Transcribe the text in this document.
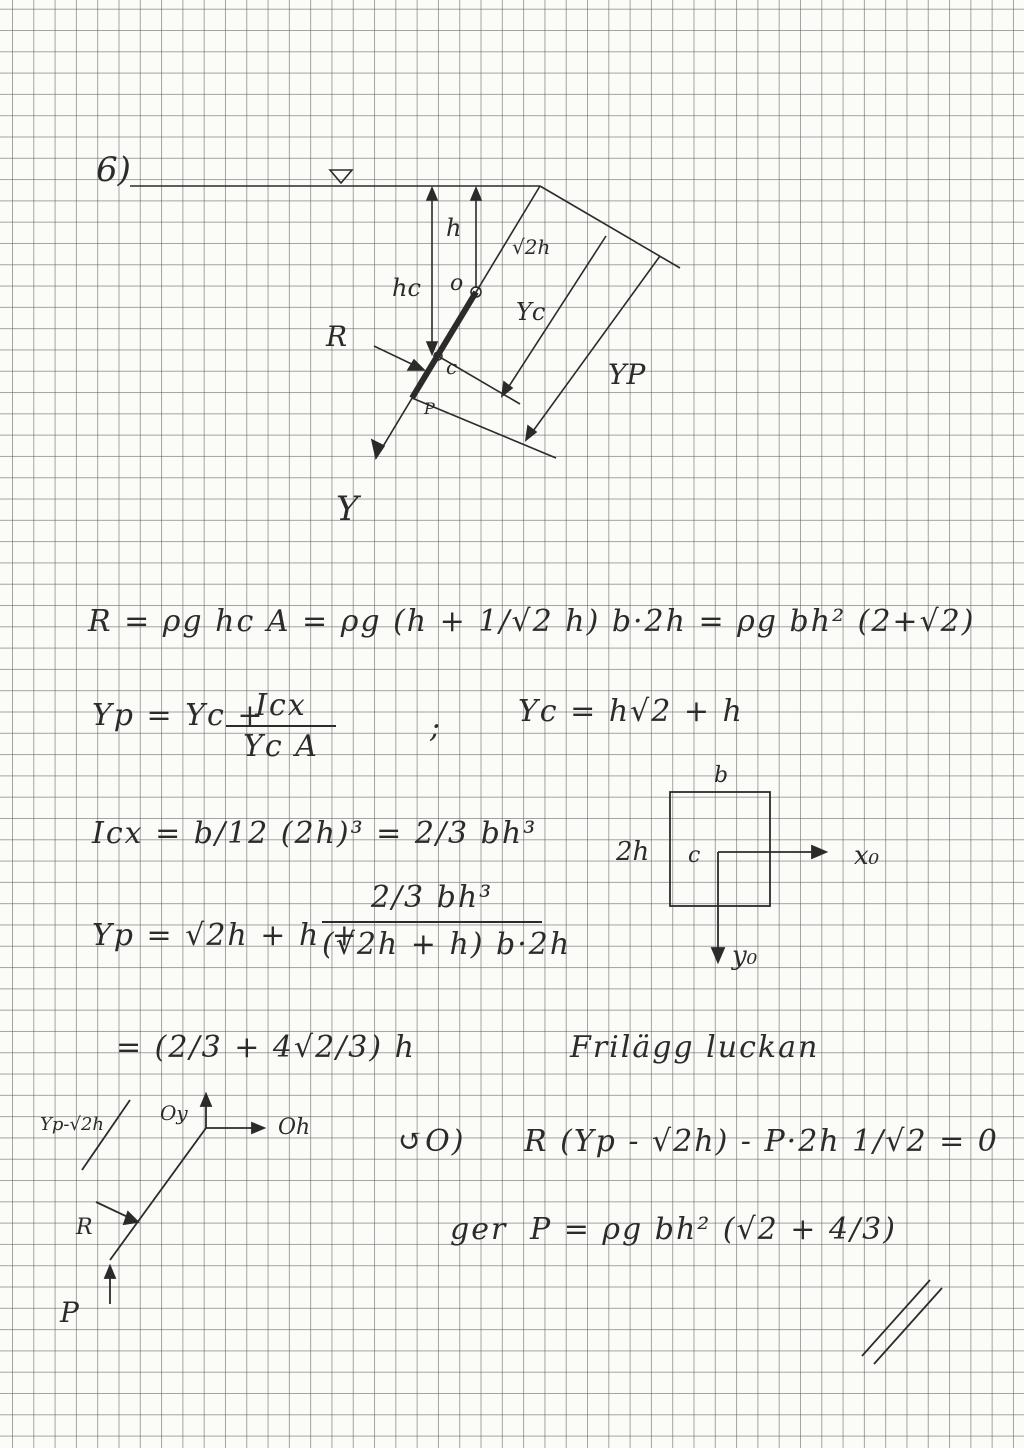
6)
h
√2h
hc o
Yc
R
c	YP
P
Y
R = ρg hc A = ρg (h + 1/√2 h) b·2h = ρg bh² (2+√2)
Yp = Yc +
Icx
Yc A
;	Yc = h√2 + h
Icx = b/12 (2h)³ = 2/3 bh³
Yp = √2h + h +
2/3 bh³
(√2h + h) b·2h
= (2/3 + 4√2/3) h	Frilägg luckan
↺O) R (Yp - √2h) - P·2h 1/√2 = 0
ger P = ρg bh² (√2 + 4/3)
b
2h c	x₀
y₀
Yp-√2h	Oy
Oh
R
P
